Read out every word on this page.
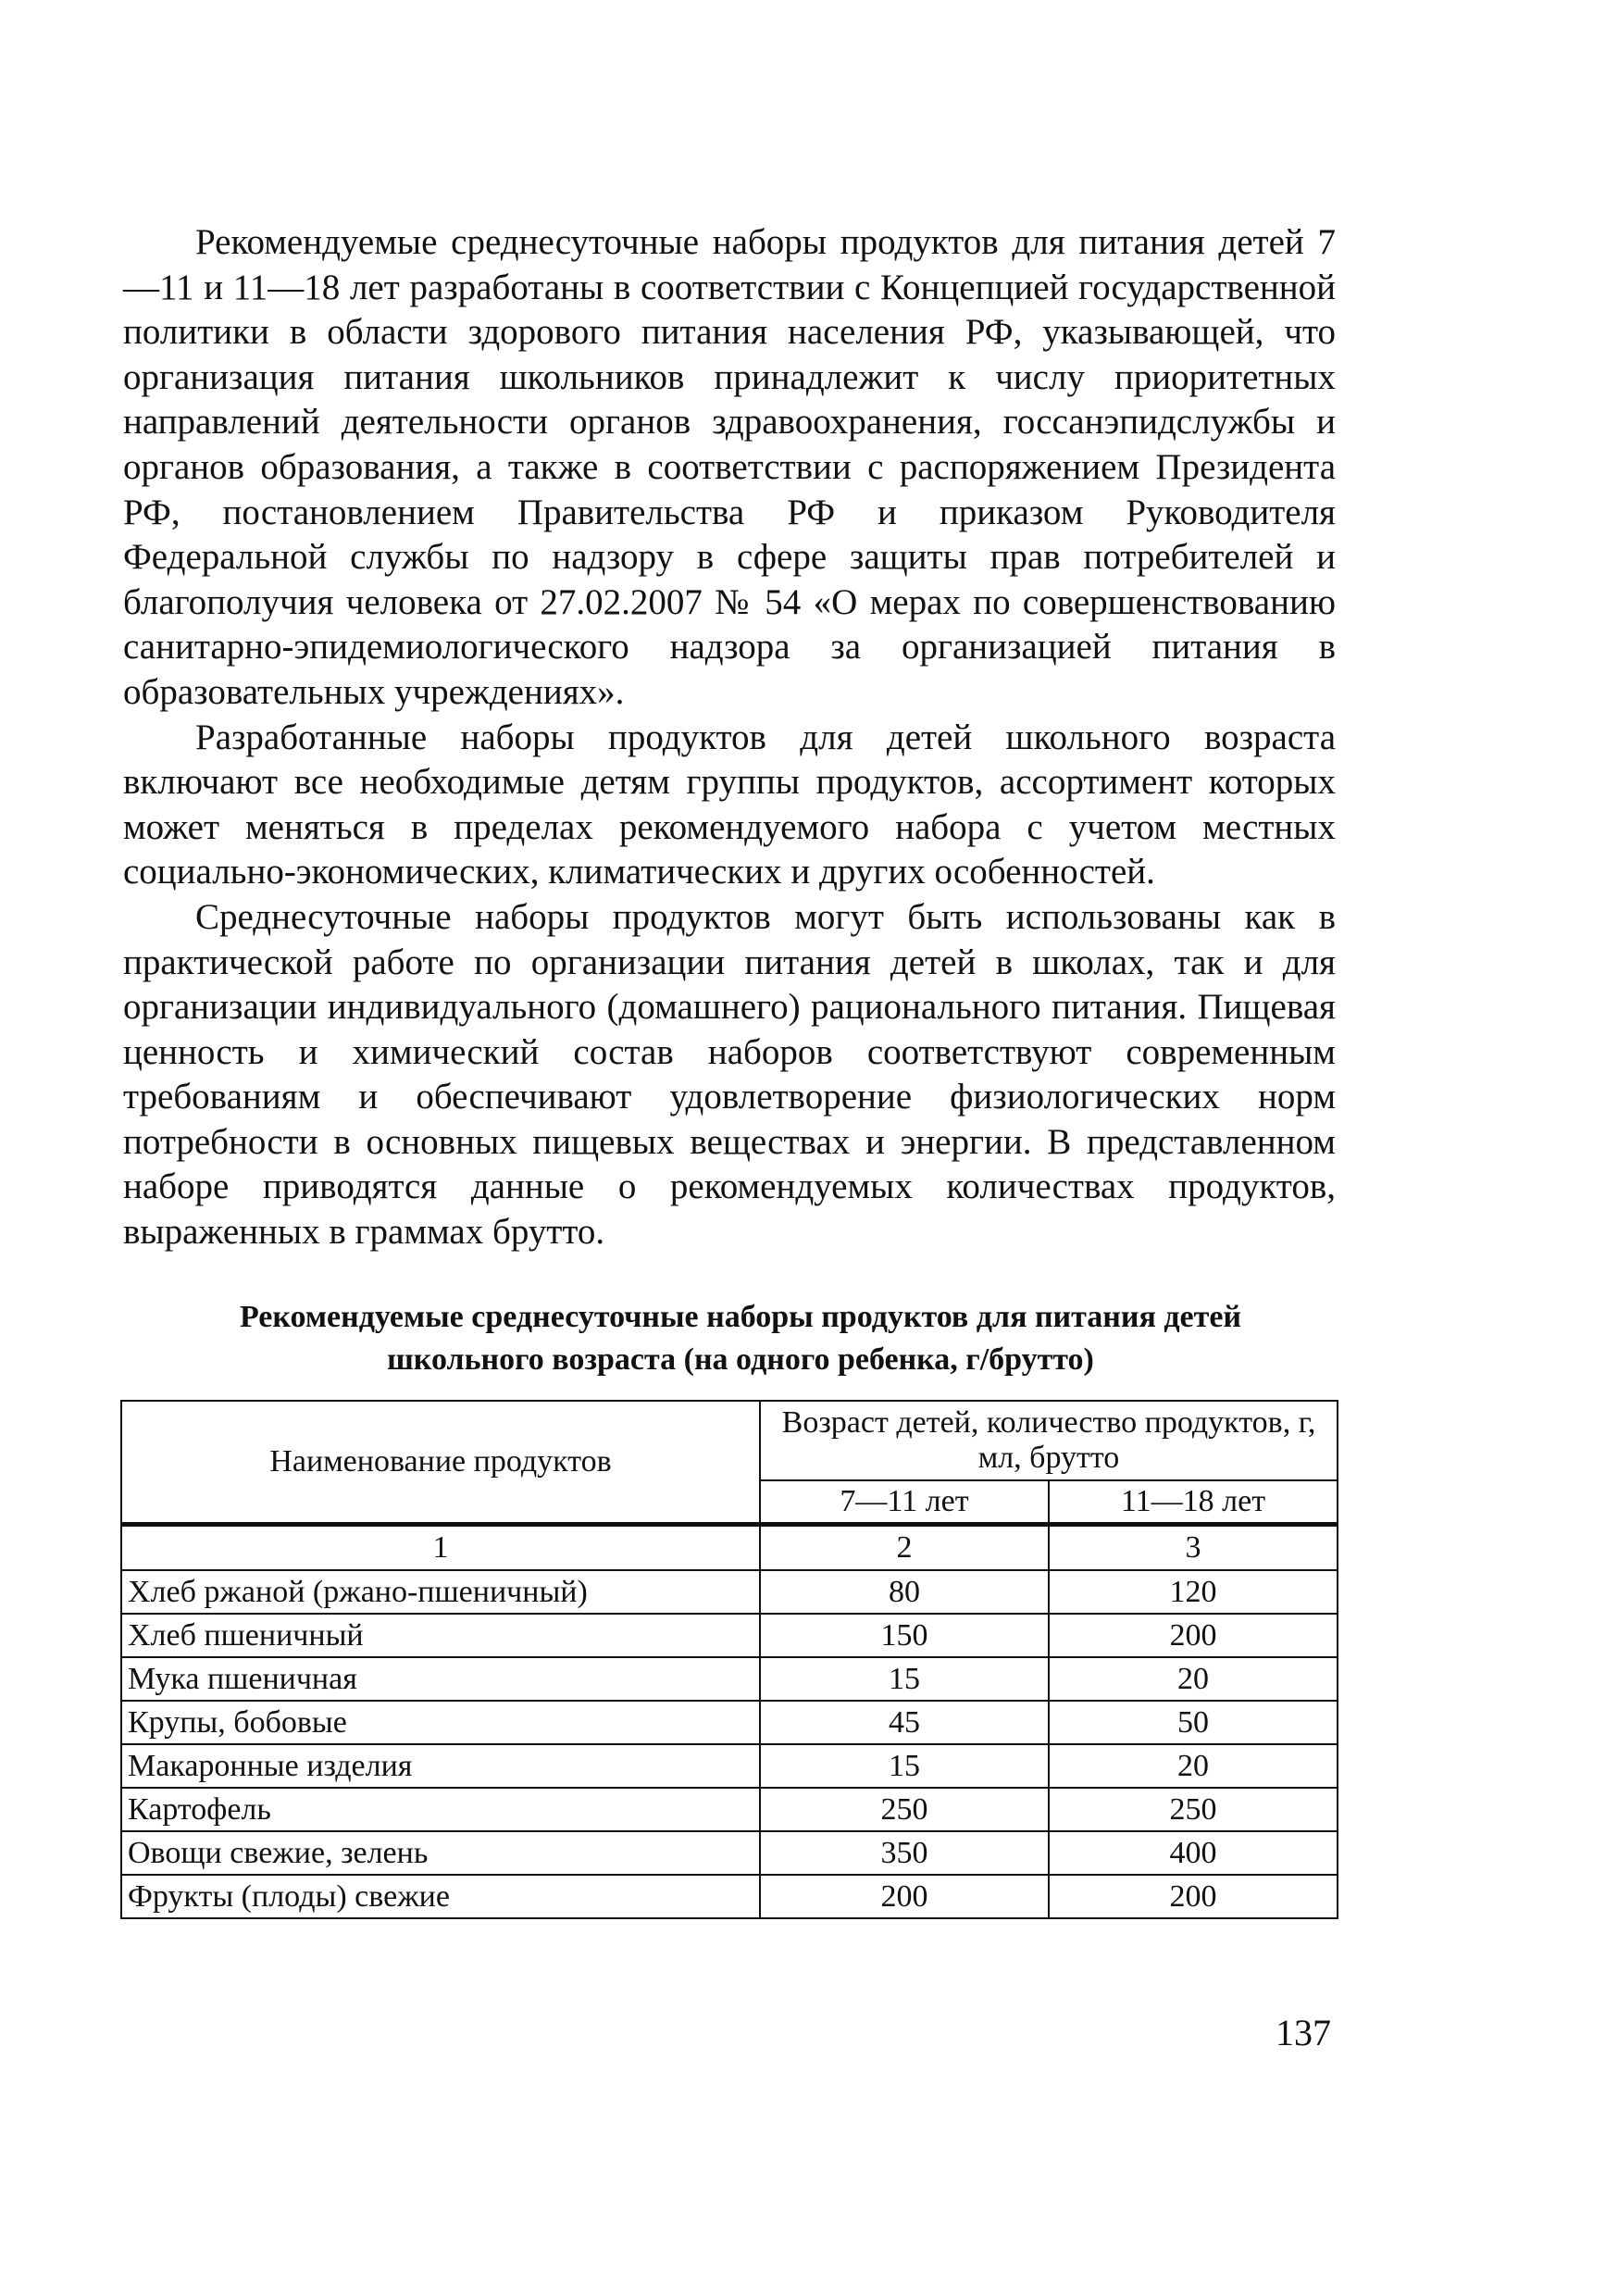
Рекомендуемые среднесуточные наборы продуктов для питания детей 7—11 и 11—18 лет разработаны в соответствии с Концепцией государственной политики в области здорового питания населения РФ, указывающей, что организация питания школьников принадлежит к числу приоритетных направлений деятельности органов здравоохранения, госсанэпидслужбы и органов образования, а также в соответствии с распоряжением Президента РФ, постановлением Правительства РФ и приказом Руководителя Федеральной службы по надзору в сфере защиты прав потребителей и благополучия человека от 27.02.2007 № 54 «О мерах по совершенствованию санитарно-эпидемиологического надзора за организацией питания в образовательных учреждениях».

Разработанные наборы продуктов для детей школьного возраста включают все необходимые детям группы продуктов, ассортимент которых может меняться в пределах рекомендуемого набора с учетом местных социально-экономических, климатических и других особенностей.

Среднесуточные наборы продуктов могут быть использованы как в практической работе по организации питания детей в школах, так и для организации индивидуального (домашнего) рационального питания. Пищевая ценность и химический состав наборов соответствуют современным требованиям и обеспечивают удовлетворение физиологических норм потребности в основных пищевых веществах и энергии. В представленном наборе приводятся данные о рекомендуемых количествах продуктов, выраженных в граммах брутто.

Рекомендуемые среднесуточные наборы продуктов для питания детей
школьного возраста (на одного ребенка, г/брутто)
Наименование продуктов	Возраст детей, количество продуктов, г, мл, брутто	
	7—11 лет	11—18 лет
1	2	3
Хлеб ржаной (ржано-пшеничный)	80	120
Хлеб пшеничный	150	200
Мука пшеничная	15	20
Крупы, бобовые	45	50
Макаронные изделия	15	20
Картофель	250	250
Овощи свежие, зелень	350	400
Фрукты (плоды) свежие	200	200
137
